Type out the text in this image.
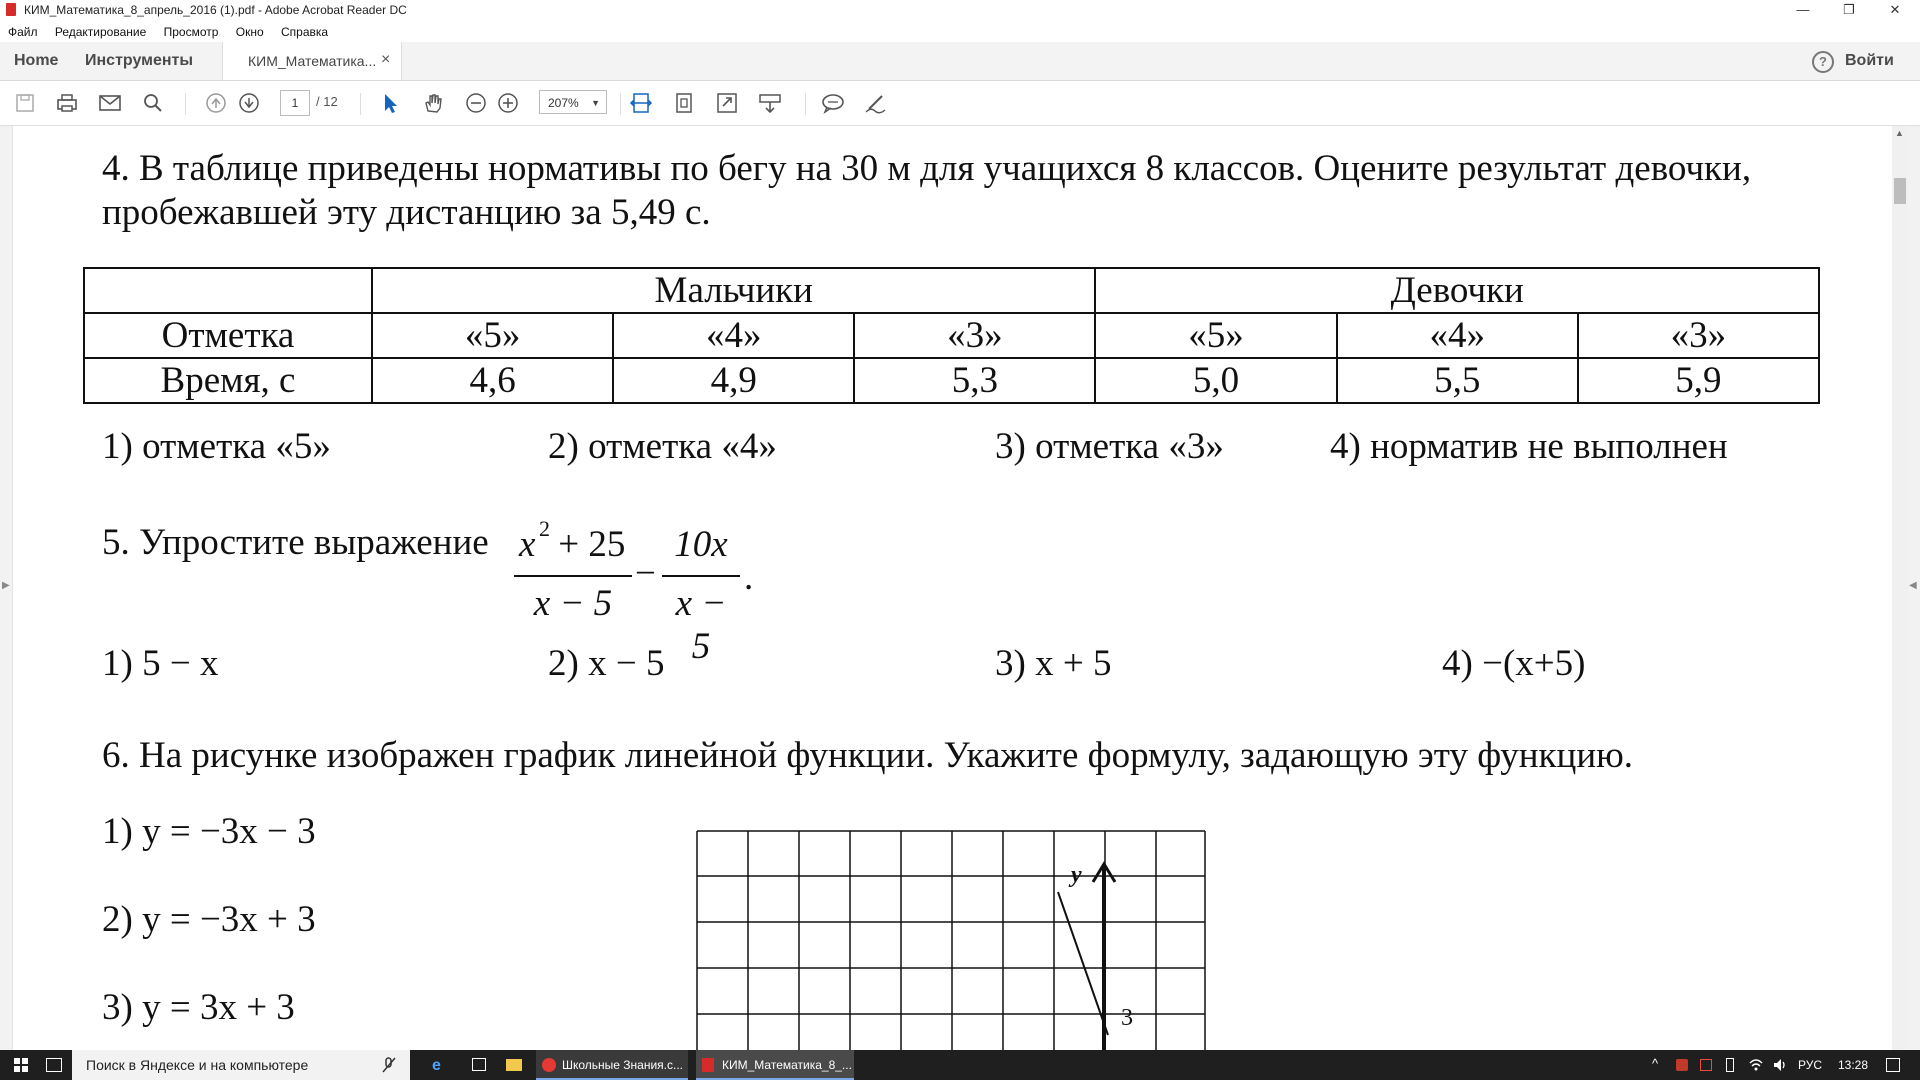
КИМ_Математика_8_апрель_2016 (1).pdf - Adobe Acrobat Reader DC	—	❐	✕
Файл Редактирование Просмотр Окно Справка
Home Инструменты	КИМ_Математика... ×	?	Войти
1	/ 12	207% ▼
▶
4. В таблице приведены нормативы по бегу на 30 м для учащихся 8 классов. Оцените результат девочки,
пробежавшей эту дистанцию за 5,49 с.
	Мальчики			Девочки		
Отметка	«5»	«4»	«3»	«5»	«4»	«3»
Время, с	4,6	4,9	5,3	5,0	5,5	5,9
1) отметка «5»	2) отметка «4»	3) отметка «3»	4) норматив не выполнен
5. Упростите выражение x 2 + 25
x − 5
−
10x
x − 5
.
1) 5 − x	2) x − 5	3) x + 5	4) −(x+5)
6. На рисунке изображен график линейной функции. Укажите формулу, задающую эту функцию.
1) y = −3x − 3
2) y = −3x + 3
3) y = 3x + 3
y
3
▲
◀
Поиск в Яндексе и на компьютере	e	Школьные Знания.с...	КИМ_Математика_8_...	^	РУС 13:28
